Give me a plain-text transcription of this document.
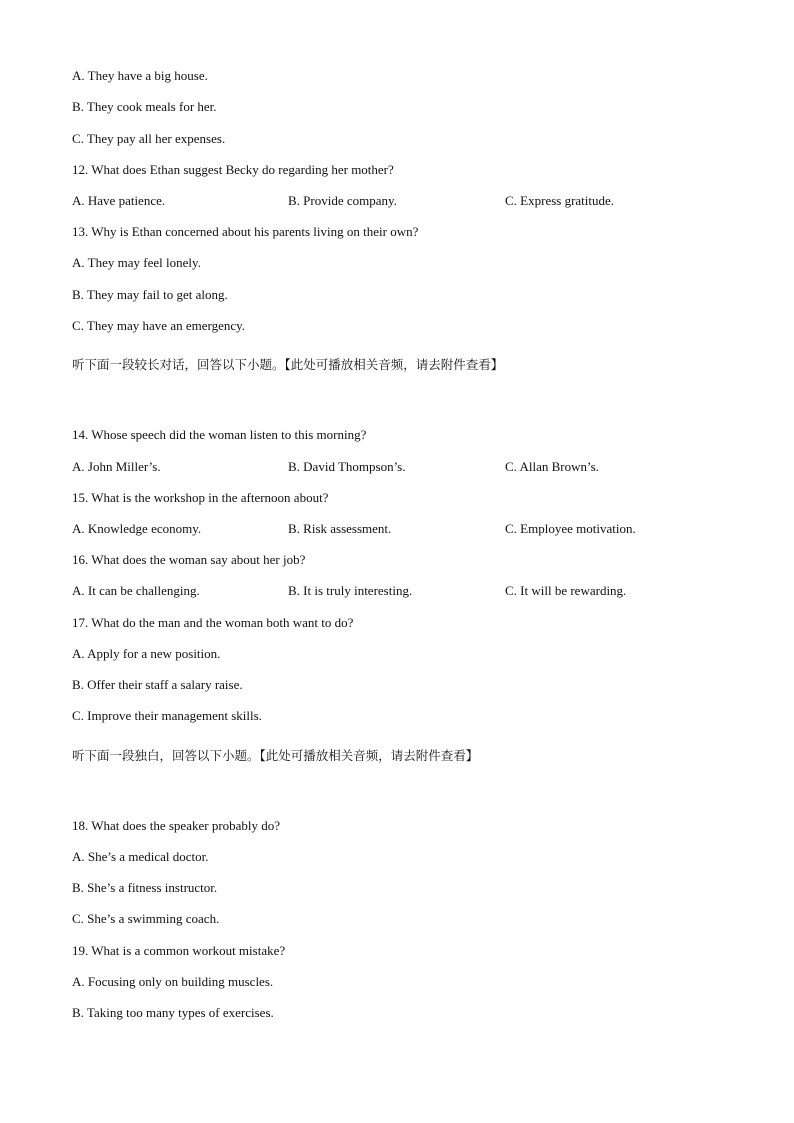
A. They have a big house.
B. They cook meals for her.
C. They pay all her expenses.
12. What does Ethan suggest Becky do regarding her mother?
A. Have patience.	B. Provide company.	C. Express gratitude.
13. Why is Ethan concerned about his parents living on their own?
A. They may feel lonely.
B. They may fail to get along.
C. They may have an emergency.
听下面一段较长对话，回答以下小题。【此处可播放相关音频，请去附件查看】
14. Whose speech did the woman listen to this morning?
A. John Miller’s.	B. David Thompson’s.	C. Allan Brown’s.
15. What is the workshop in the afternoon about?
A. Knowledge economy.	B. Risk assessment.	C. Employee motivation.
16. What does the woman say about her job?
A. It can be challenging.	B. It is truly interesting.	C. It will be rewarding.
17. What do the man and the woman both want to do?
A. Apply for a new position.
B. Offer their staff a salary raise.
C. Improve their management skills.
听下面一段独白，回答以下小题。【此处可播放相关音频，请去附件查看】
18. What does the speaker probably do?
A. She’s a medical doctor.
B. She’s a fitness instructor.
C. She’s a swimming coach.
19. What is a common workout mistake?
A. Focusing only on building muscles.
B. Taking too many types of exercises.
